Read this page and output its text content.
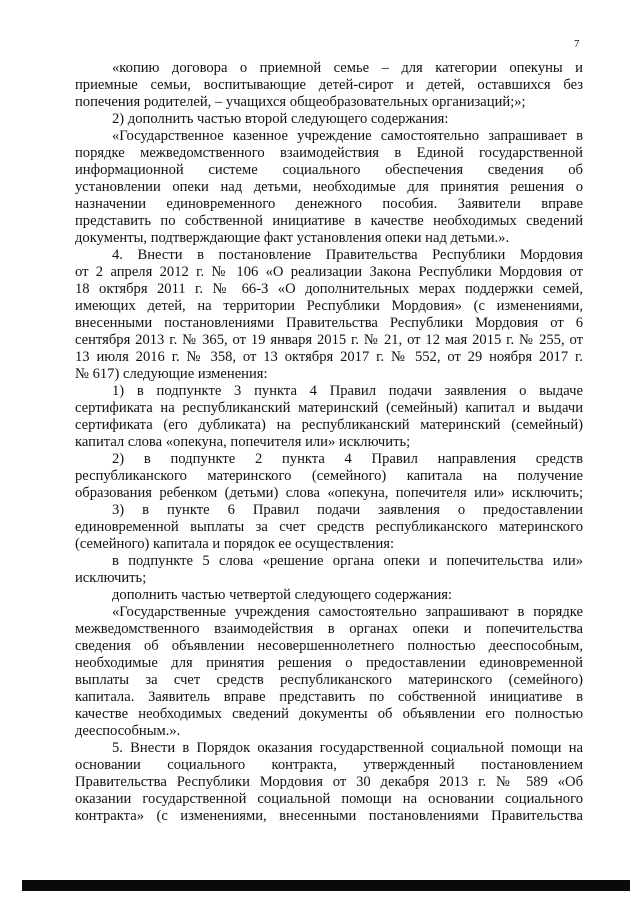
7
«копию договора о приемной семье – для категории опекуны и
приемные семьи, воспитывающие детей-сирот и детей, оставшихся без
попечения родителей, – учащихся общеобразовательных организаций;»;
2) дополнить частью второй следующего содержания:
«Государственное казенное учреждение самостоятельно запрашивает в
порядке межведомственного взаимодействия в Единой государственной
информационной системе социального обеспечения сведения об
установлении опеки над детьми, необходимые для принятия решения о
назначении единовременного денежного пособия. Заявители вправе
представить по собственной инициативе в качестве необходимых сведений
документы, подтверждающие факт установления опеки над детьми.».
4. Внести в постановление Правительства Республики Мордовия
от 2 апреля 2012 г. № 106 «О реализации Закона Республики Мордовия от
18 октября 2011 г. № 66-З «О дополнительных мерах поддержки семей,
имеющих детей, на территории Республики Мордовия» (с изменениями,
внесенными постановлениями Правительства Республики Мордовия от 6
сентября 2013 г. № 365, от 19 января 2015 г. № 21, от 12 мая 2015 г. № 255, от
13 июля 2016 г. № 358, от 13 октября 2017 г. № 552, от 29 ноября 2017 г.
№ 617) следующие изменения:
1) в подпункте 3 пункта 4 Правил подачи заявления о выдаче
сертификата на республиканский материнский (семейный) капитал и выдачи
сертификата (его дубликата) на республиканский материнский (семейный)
капитал слова «опекуна, попечителя или» исключить;
2) в подпункте 2 пункта 4 Правил направления средств
республиканского материнского (семейного) капитала на получение
образования ребенком (детьми) слова «опекуна, попечителя или» исключить;
3) в пункте 6 Правил подачи заявления о предоставлении
единовременной выплаты за счет средств республиканского материнского
(семейного) капитала и порядок ее осуществления:
в подпункте 5 слова «решение органа опеки и попечительства или»
исключить;
дополнить частью четвертой следующего содержания:
«Государственные учреждения самостоятельно запрашивают в порядке
межведомственного взаимодействия в органах опеки и попечительства
сведения об объявлении несовершеннолетнего полностью дееспособным,
необходимые для принятия решения о предоставлении единовременной
выплаты за счет средств республиканского материнского (семейного)
капитала. Заявитель вправе представить по собственной инициативе в
качестве необходимых сведений документы об объявлении его полностью
дееспособным.».
5. Внести в Порядок оказания государственной социальной помощи на
основании социального контракта, утвержденный постановлением
Правительства Республики Мордовия от 30 декабря 2013 г. № 589 «Об
оказании государственной социальной помощи на основании социального
контракта» (с изменениями, внесенными постановлениями Правительства
